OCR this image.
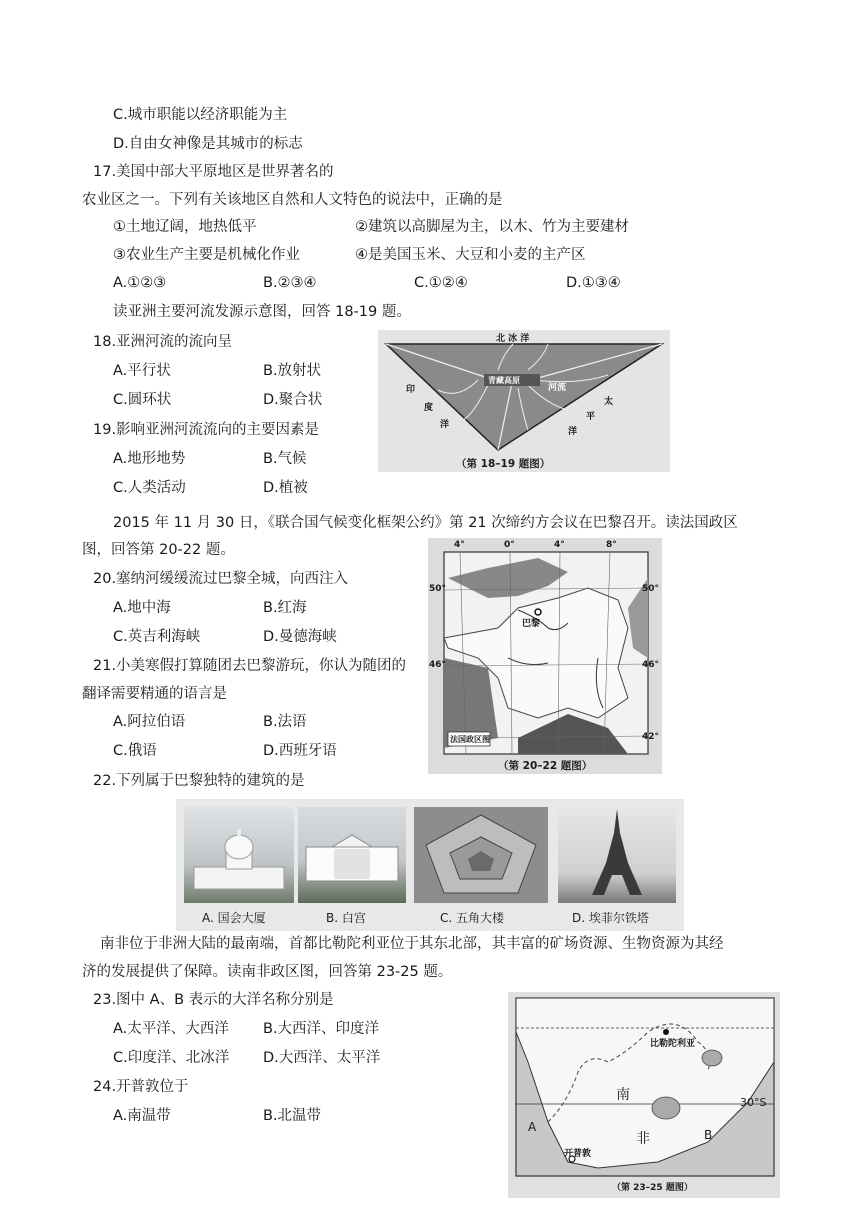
C.城市职能以经济职能为主
D.自由女神像是其城市的标志
17.美国中部大平原地区是世界著名的
农业区之一。下列有关该地区自然和人文特色的说法中，正确的是
①土地辽阔，地热低平	②建筑以高脚屋为主，以木、竹为主要建材
③农业生产主要是机械化作业	④是美国玉米、大豆和小麦的主产区
A.①②③	B.②③④	C.①②④	D.①③④
读亚洲主要河流发源示意图，回答 18-19 题。
18.亚洲河流的流向呈
A.平行状	B.放射状
C.圆环状	D.聚合状
19.影响亚洲河流流向的主要因素是
A.地形地势	B.气候
C.人类活动	D.植被
北 冰 洋
青藏高原
河流
印
度
洋
太
平
洋
（第 18–19 题图）
2015 年 11 月 30 日，《联合国气候变化框架公约》第 21 次缔约方会议在巴黎召开。读法国政区
图，回答第 20-22 题。	4°	0°	4°	8°
50°	50°
46°	46°
42°
巴黎
法国政区图
（第 20–22 题图）
20.塞纳河缓缓流过巴黎全城，向西注入
A.地中海	B.红海
C.英吉利海峡	D.曼德海峡
21.小美寒假打算随团去巴黎游玩，你认为随团的
翻译需要精通的语言是
A.阿拉伯语	B.法语
C.俄语	D.西班牙语
22.下列属于巴黎独特的建筑的是
A. 国会大厦	B. 白宫	C. 五角大楼	D. 埃菲尔铁塔
南非位于非洲大陆的最南端，首都比勒陀利亚位于其东北部，其丰富的矿场资源、生物资源为其经
济的发展提供了保障。读南非政区图，回答第 23-25 题。
23.图中 A、B 表示的大洋名称分别是
A.太平洋、大西洋 B.大西洋、印度洋
C.印度洋、北冰洋 D.大西洋、太平洋
24.开普敦位于
A.南温带	B.北温带
比勒陀利亚
南
非
30°S
A
B
开普敦
（第 23–25 题图）
